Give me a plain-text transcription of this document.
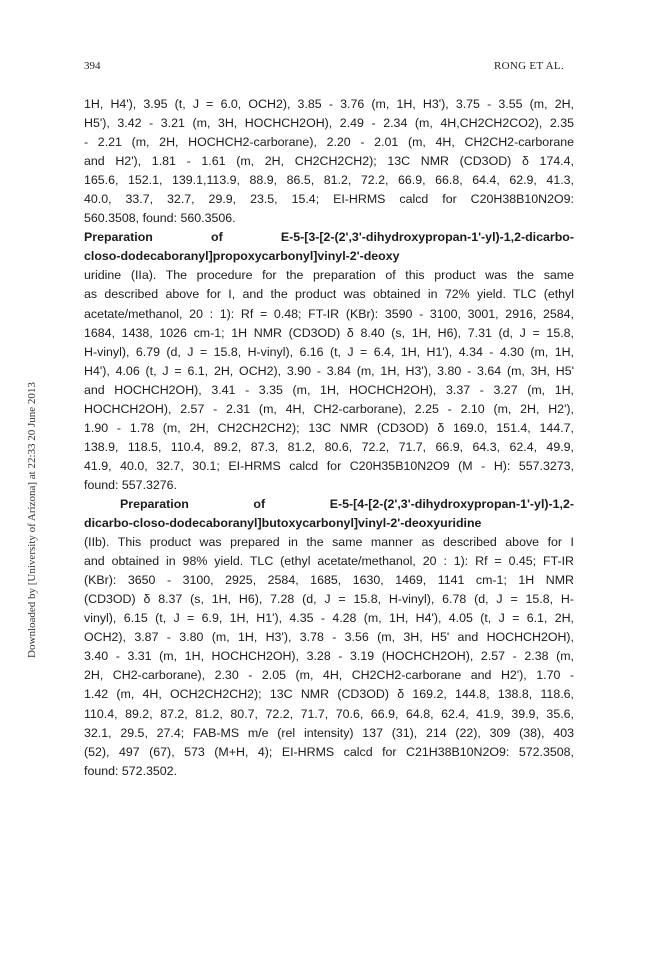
394	RONG ET AL.
Downloaded by [University of Arizona] at 22:33 20 June 2013
1H, H4'), 3.95 (t, J = 6.0, OCH2), 3.85 - 3.76 (m, 1H, H3'), 3.75 - 3.55 (m, 2H,
H5'), 3.42 - 3.21 (m, 3H, HOCHCH2OH), 2.49 - 2.34 (m, 4H,CH2CH2CO2), 2.35
- 2.21 (m, 2H, HOCHCH2-carborane), 2.20 - 2.01 (m, 4H, CH2CH2-carborane
and H2'), 1.81 - 1.61 (m, 2H, CH2CH2CH2); 13C NMR (CD3OD) δ 174.4,
165.6, 152.1, 139.1,113.9, 88.9, 86.5, 81.2, 72.2, 66.9, 66.8, 64.4, 62.9, 41.3,
40.0, 33.7, 32.7, 29.9, 23.5, 15.4; EI-HRMS calcd for C20H38B10N2O9:
560.3508, found: 560.3506.
Preparation of E-5-[3-[2-(2',3'-dihydroxypropan-1'-yl)-1,2-dicarbo-
closo-dodecaboranyl]propoxycarbonyl]vinyl-2'-deoxy
uridine (IIa). The procedure for the preparation of this product was the same
as described above for I, and the product was obtained in 72% yield. TLC (ethyl
acetate/methanol, 20 : 1): Rf = 0.48; FT-IR (KBr): 3590 - 3100, 3001, 2916, 2584,
1684, 1438, 1026 cm-1; 1H NMR (CD3OD) δ 8.40 (s, 1H, H6), 7.31 (d, J = 15.8,
H-vinyl), 6.79 (d, J = 15.8, H-vinyl), 6.16 (t, J = 6.4, 1H, H1'), 4.34 - 4.30 (m, 1H,
H4'), 4.06 (t, J = 6.1, 2H, OCH2), 3.90 - 3.84 (m, 1H, H3'), 3.80 - 3.64 (m, 3H, H5'
and HOCHCH2OH), 3.41 - 3.35 (m, 1H, HOCHCH2OH), 3.37 - 3.27 (m, 1H,
HOCHCH2OH), 2.57 - 2.31 (m, 4H, CH2-carborane), 2.25 - 2.10 (m, 2H, H2'),
1.90 - 1.78 (m, 2H, CH2CH2CH2); 13C NMR (CD3OD) δ 169.0, 151.4, 144.7,
138.9, 118.5, 110.4, 89.2, 87.3, 81.2, 80.6, 72.2, 71.7, 66.9, 64.3, 62.4, 49.9,
41.9, 40.0, 32.7, 30.1; EI-HRMS calcd for C20H35B10N2O9 (M - H): 557.3273,
found: 557.3276.
Preparation of E-5-[4-[2-(2',3'-dihydroxypropan-1'-yl)-1,2-
dicarbo-closo-dodecaboranyl]butoxycarbonyl]vinyl-2'-deoxyuridine
(IIb). This product was prepared in the same manner as described above for I
and obtained in 98% yield. TLC (ethyl acetate/methanol, 20 : 1): Rf = 0.45; FT-IR
(KBr): 3650 - 3100, 2925, 2584, 1685, 1630, 1469, 1141 cm-1; 1H NMR
(CD3OD) δ 8.37 (s, 1H, H6), 7.28 (d, J = 15.8, H-vinyl), 6.78 (d, J = 15.8, H-
vinyl), 6.15 (t, J = 6.9, 1H, H1'), 4.35 - 4.28 (m, 1H, H4'), 4.05 (t, J = 6.1, 2H,
OCH2), 3.87 - 3.80 (m, 1H, H3'), 3.78 - 3.56 (m, 3H, H5' and HOCHCH2OH),
3.40 - 3.31 (m, 1H, HOCHCH2OH), 3.28 - 3.19 (HOCHCH2OH), 2.57 - 2.38 (m,
2H, CH2-carborane), 2.30 - 2.05 (m, 4H, CH2CH2-carborane and H2'), 1.70 -
1.42 (m, 4H, OCH2CH2CH2); 13C NMR (CD3OD) δ 169.2, 144.8, 138.8, 118.6,
110.4, 89.2, 87.2, 81.2, 80.7, 72.2, 71.7, 70.6, 66.9, 64.8, 62.4, 41.9, 39.9, 35.6,
32.1, 29.5, 27.4; FAB-MS m/e (rel intensity) 137 (31), 214 (22), 309 (38), 403
(52), 497 (67), 573 (M+H, 4); EI-HRMS calcd for C21H38B10N2O9: 572.3508,
found: 572.3502.
